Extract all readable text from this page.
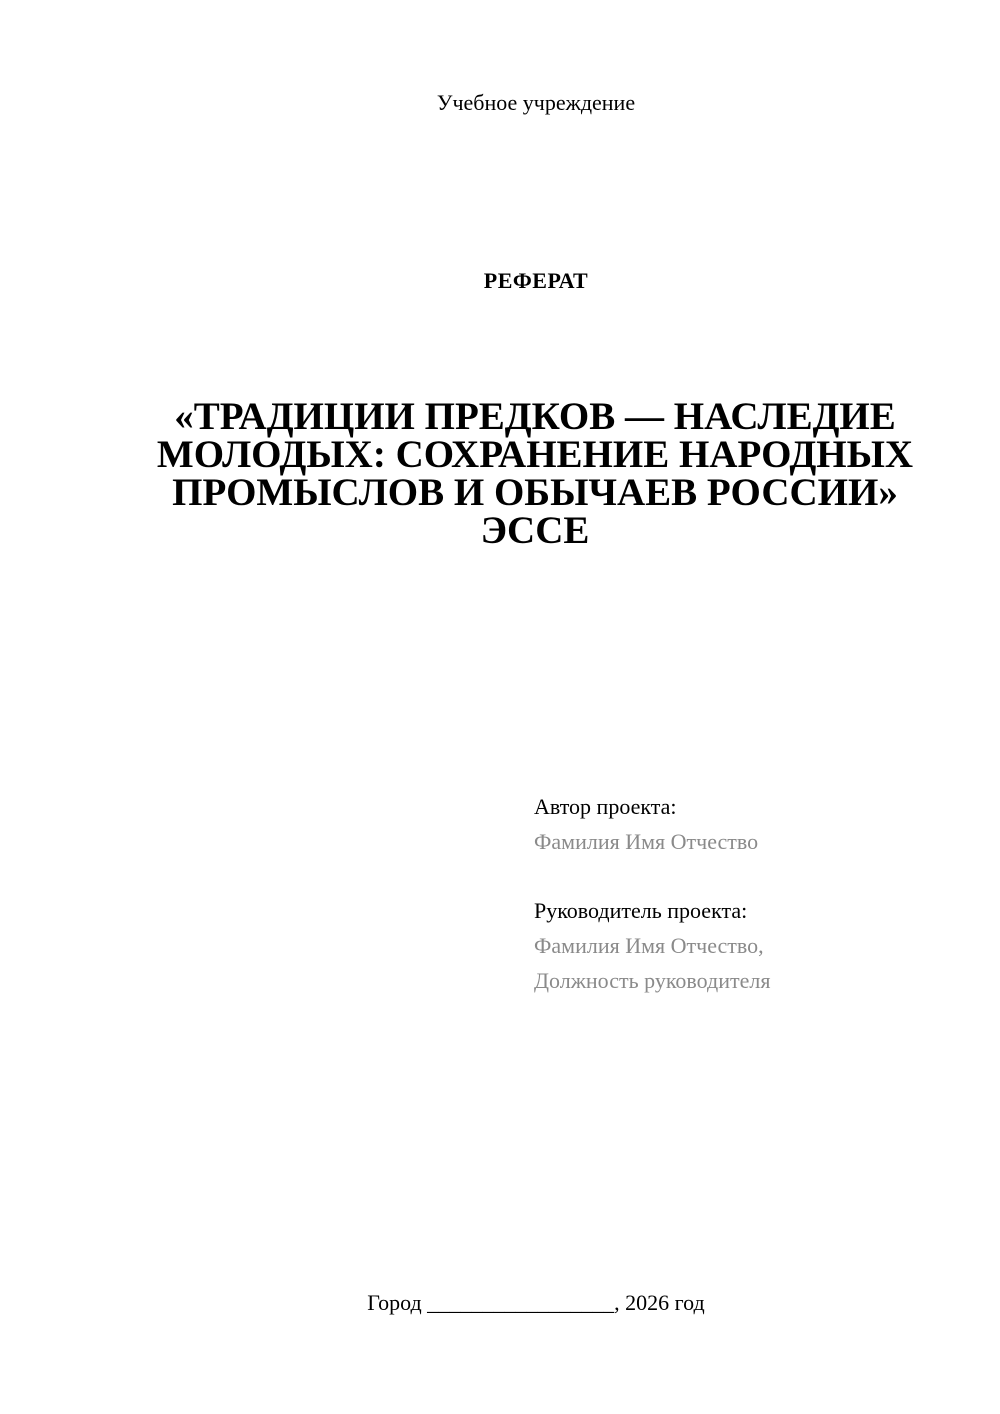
Учебное учреждение
РЕФЕРАТ
«ТРАДИЦИИ ПРЕДКОВ — НАСЛЕДИЕ
МОЛОДЫХ: СОХРАНЕНИЕ НАРОДНЫХ
ПРОМЫСЛОВ И ОБЫЧАЕВ РОССИИ»
ЭССЕ
Автор проекта:
Фамилия Имя Отчество
Руководитель проекта:
Фамилия Имя Отчество,
Должность руководителя
Город _________________, 2026 год
